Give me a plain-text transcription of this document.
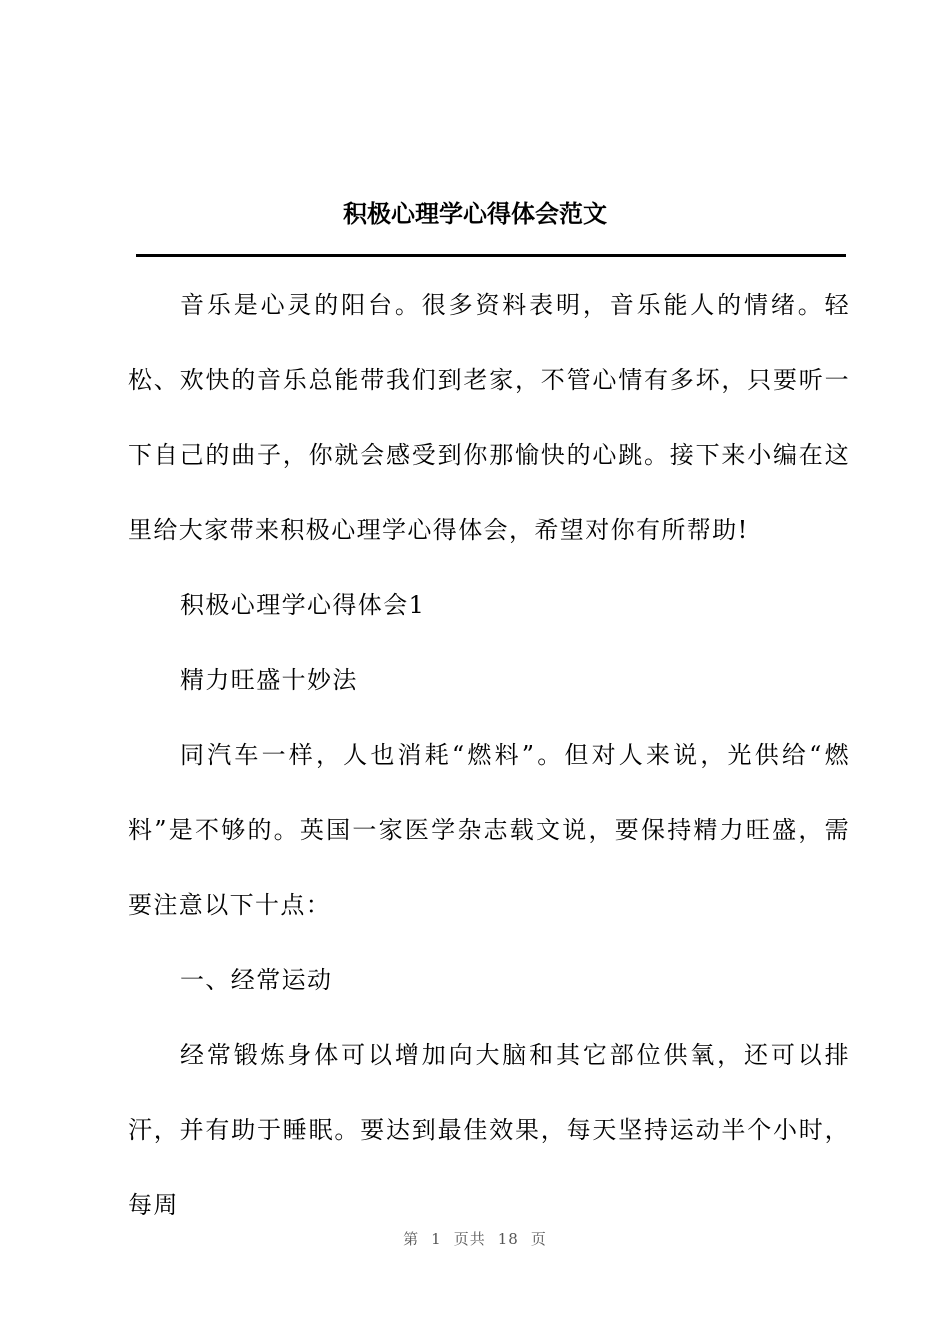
积极心理学心得体会范文

音乐是心灵的阳台。很多资料表明，音乐能人的情绪。轻松、欢快的音乐总能带我们到老家，不管心情有多坏，只要听一下自己的曲子，你就会感受到你那愉快的心跳。接下来小编在这里给大家带来积极心理学心得体会，希望对你有所帮助!

积极心理学心得体会1

精力旺盛十妙法

同汽车一样，人也消耗“燃料”。但对人来说，光供给“燃料”是不够的。英国一家医学杂志载文说，要保持精力旺盛，需要注意以下十点：

一、经常运动

经常锻炼身体可以增加向大脑和其它部位供氧，还可以排汗，并有助于睡眠。要达到最佳效果，每天坚持运动半个小时，每周

第 1 页共 18 页
